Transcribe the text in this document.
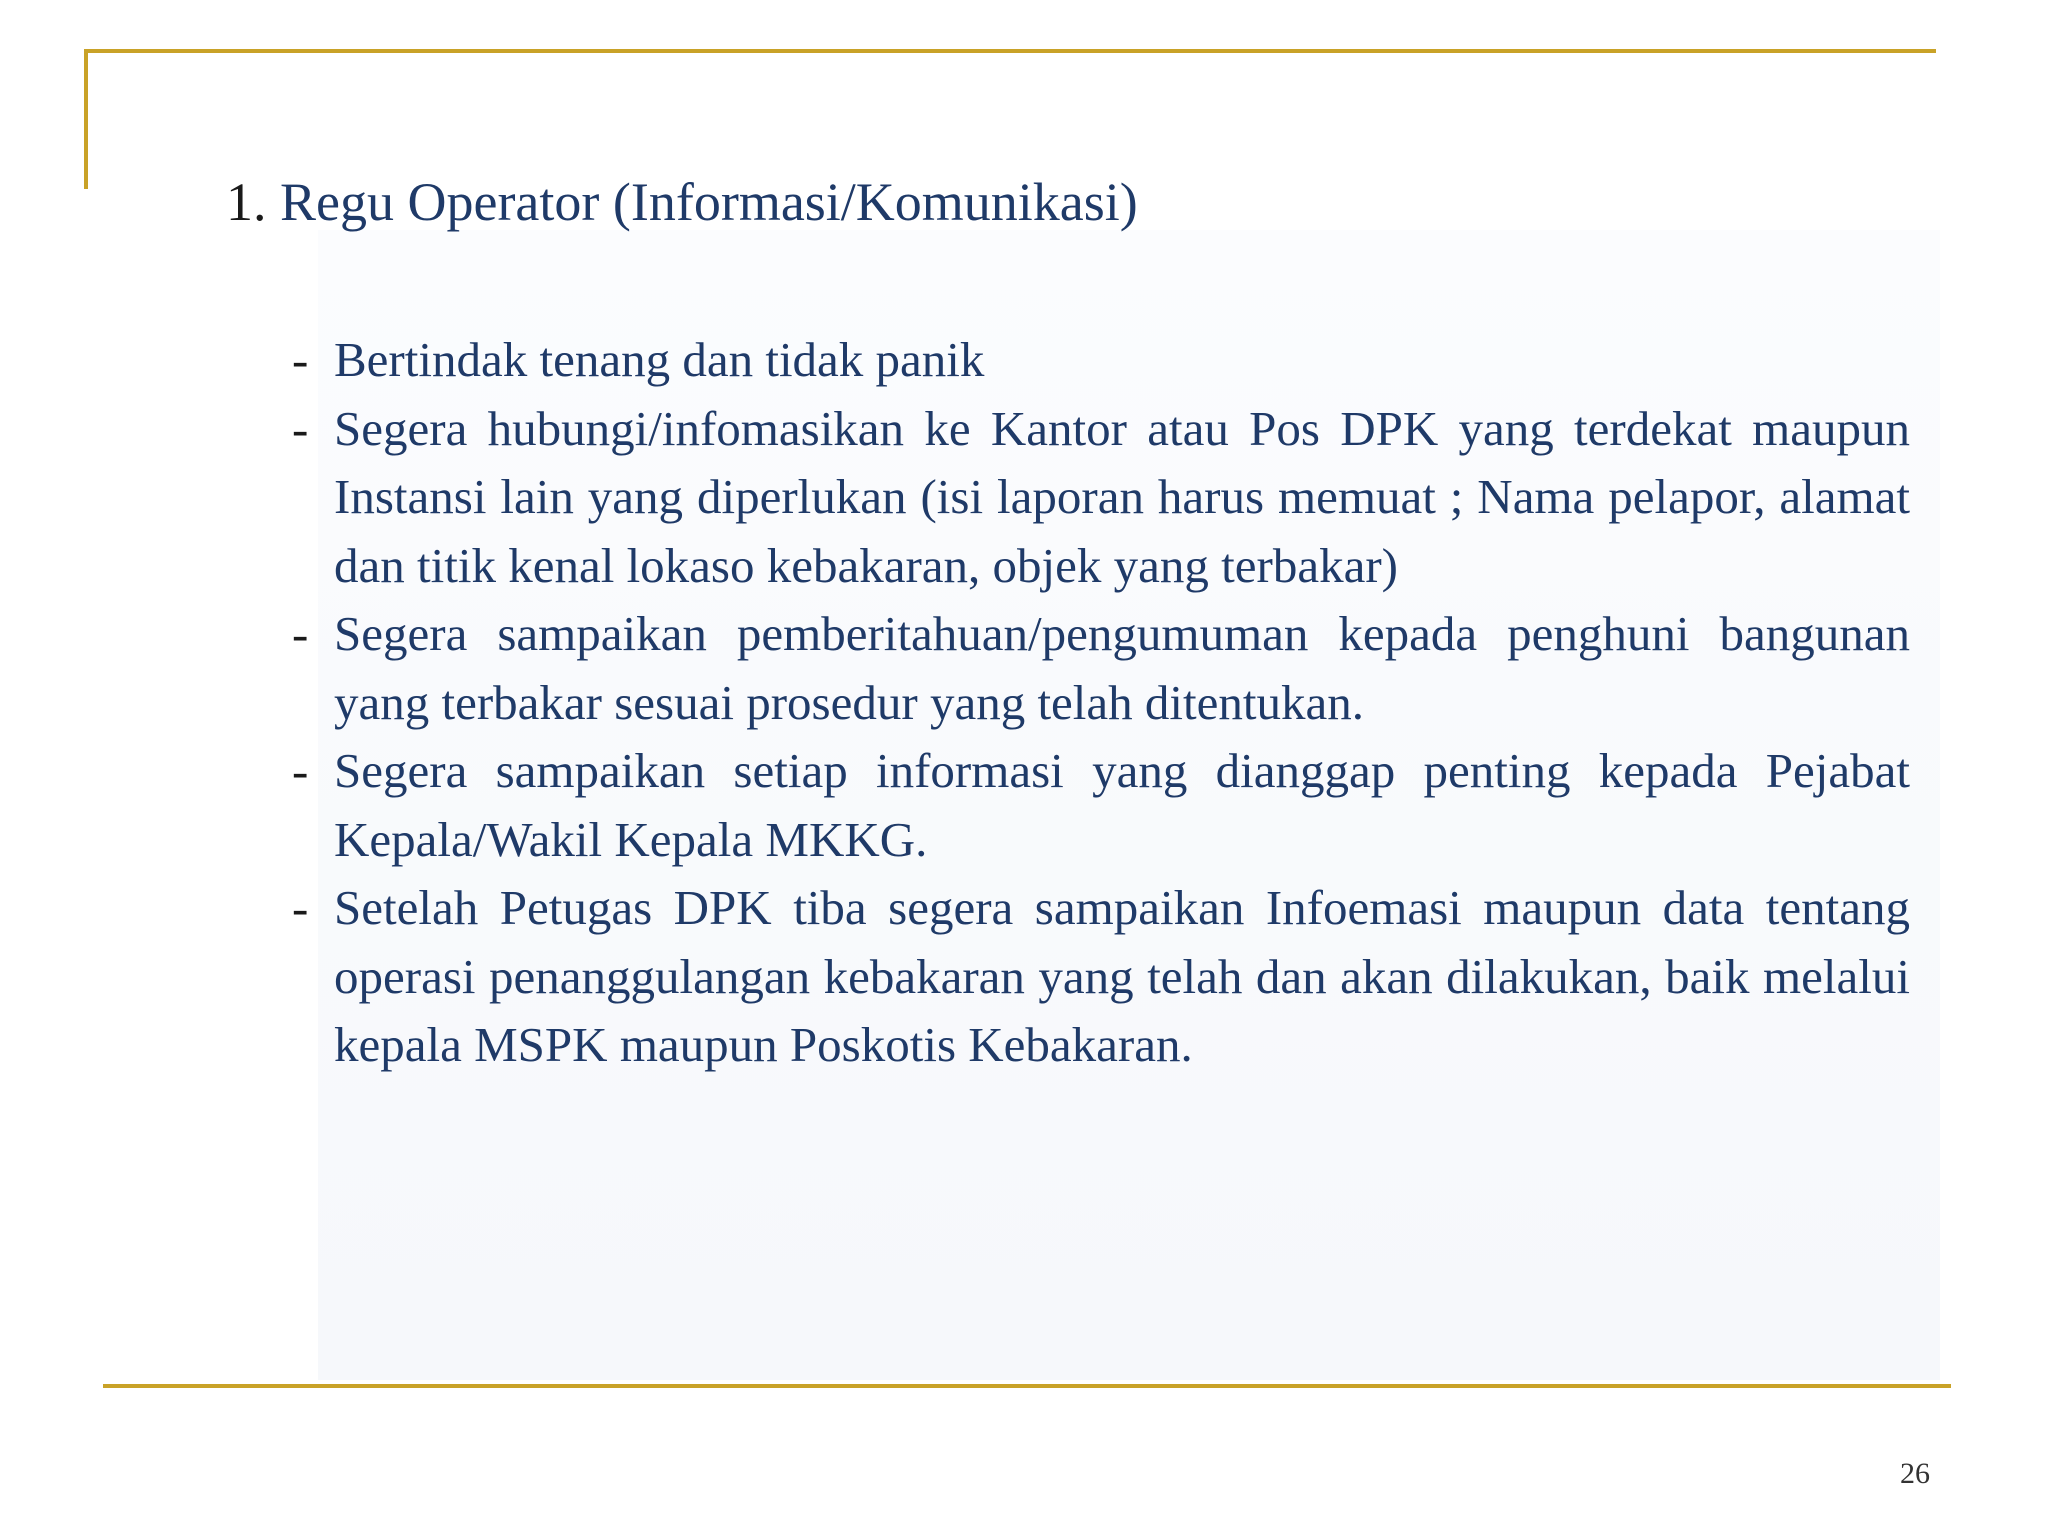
1. Regu Operator (Informasi/Komunikasi)
- Bertindak tenang dan tidak panik
- Segera hubungi/infomasikan ke Kantor atau Pos DPK yang terdekat maupun Instansi lain yang diperlukan (isi laporan harus memuat ; Nama pelapor, alamat dan titik kenal lokaso kebakaran, objek yang terbakar)
- Segera sampaikan pemberitahuan/pengumuman kepada penghuni bangunan yang terbakar sesuai prosedur yang telah ditentukan.
- Segera sampaikan setiap informasi yang dianggap penting kepada Pejabat Kepala/Wakil Kepala MKKG.
- Setelah Petugas DPK tiba segera sampaikan Infoemasi maupun data tentang operasi penanggulangan kebakaran yang telah dan akan dilakukan, baik melalui kepala MSPK maupun Poskotis Kebakaran.
26
